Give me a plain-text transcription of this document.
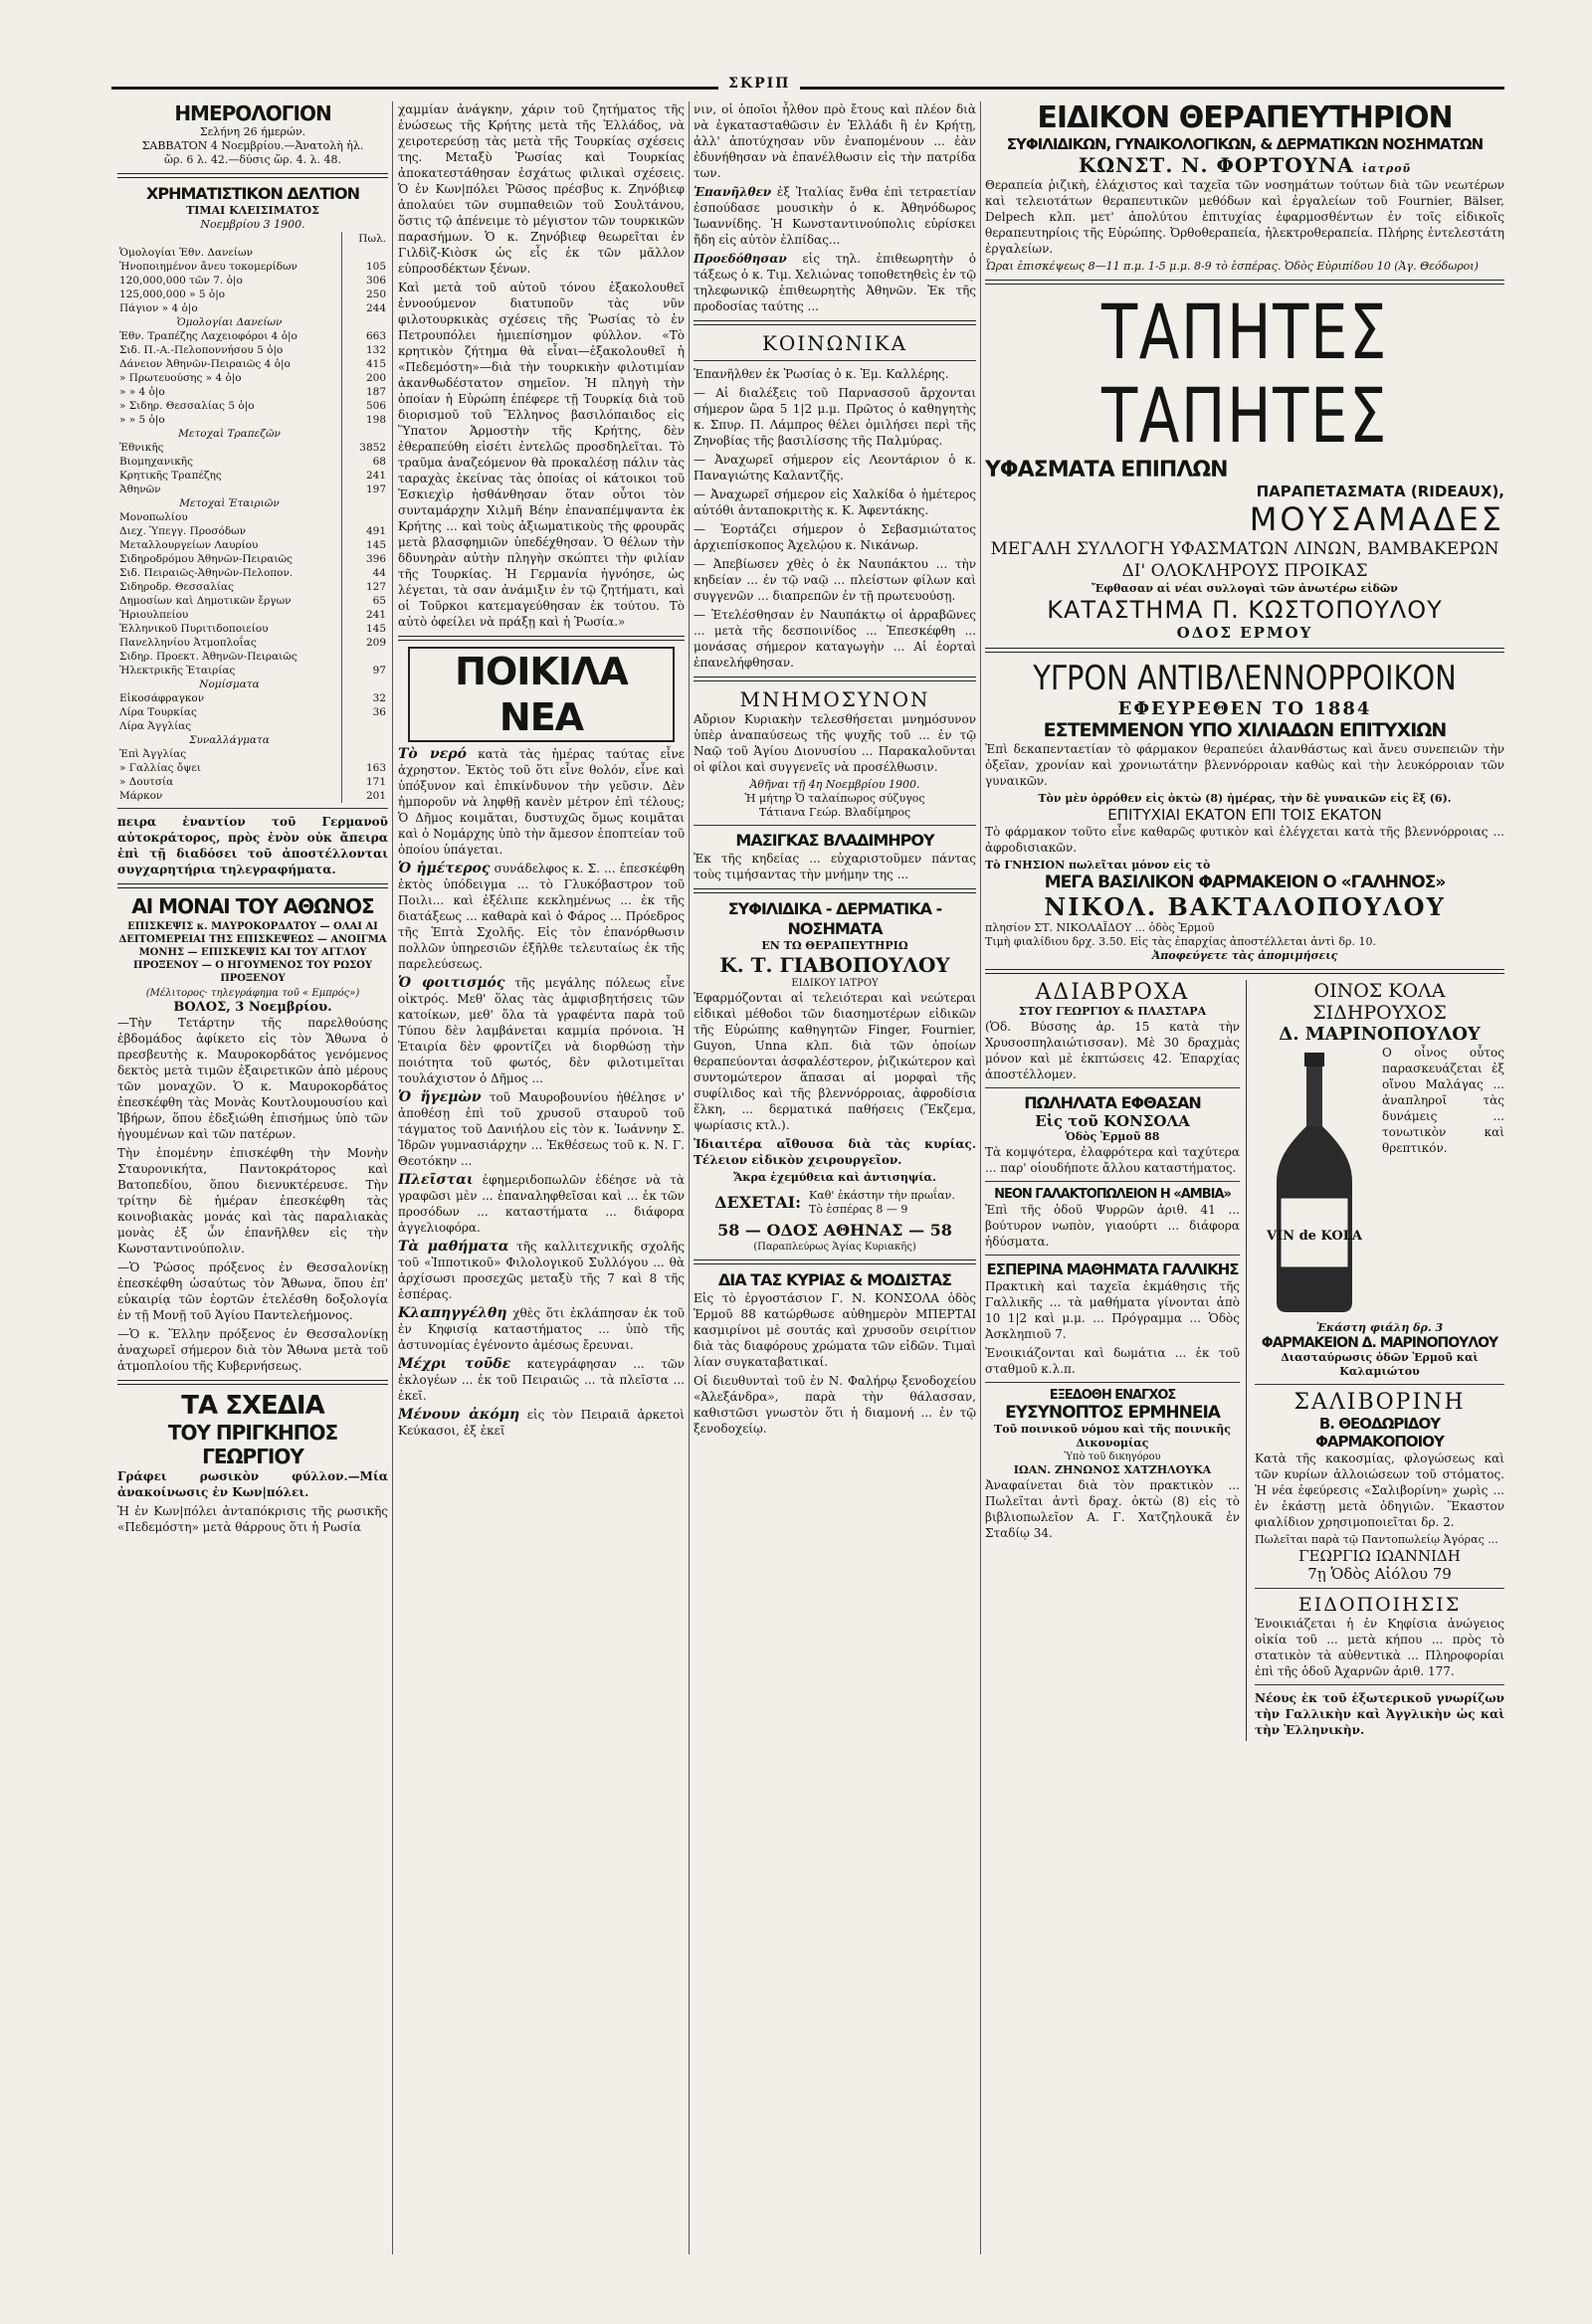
ΣΚΡΙΠ
ΗΜΕΡΟΛΟΓΙΟΝ
Σελήνη 26 ήμερών.
ΣΑΒΒΑΤΟΝ 4 Νοεμβρίου.—Ἀνατολὴ ἡλ.
ὥρ. 6 λ. 42.—δύσις ὥρ. 4. λ. 48.
ΧΡΗΜΑΤΙΣΤΙΚΟΝ ΔΕΛΤΙΟΝ
ΤΙΜΑΙ ΚΛΕΙΣΙΜΑΤΟΣ
Νοεμβρίου 3 1900.
	Πωλ.
Ὁμολογίαι Ἐθν. Δανείων	
Ἡνοποιημένον ἄνευ τοκομερίδων	105
120,000,000 τῶν 7. ὀ|ο	306
125,000,000 » 5 ὀ|ο	250
Πάγιον » 4 ὀ|ο	244
Ὁμολογίαι Δανείων	
Ἐθν. Τραπέζης Λαχειοφόροι 4 ὀ|ο	663
Σιδ. Π.-Α.-Πελοποννήσου 5 ὀ|ο	132
Δάνειον Ἀθηνῶν-Πειραιῶς 4 ὀ|ο	415
» Πρωτευούσης » 4 ὀ|ο	200
» » 4 ὀ|ο	187
» Σιδηρ. Θεσσαλίας 5 ὀ|ο	506
» » 5 ὀ|ο	198
Μετοχαὶ Τραπεζῶν	
Ἐθνικῆς	3852
Βιομηχανικῆς	68
Κρητικῆς Τραπέζης	241
Ἀθηνῶν	197
Μετοχαὶ Ἑταιριῶν	
Μονοπωλίου	
Διεχ. Ὑπεγγ. Προσόδων	491
Μεταλλουργείων Λαυρίου	145
Σιδηροδρόμου Ἀθηνῶν-Πειραιῶς	396
Σιδ. Πειραιῶς-Ἀθηνῶν-Πελοπον.	44
Σιδηροδρ. Θεσσαλίας	127
Δημοσίων καὶ Δημοτικῶν ἔργων	65
Ἠριουλπείου	241
Ἑλληνικοῦ Πυριτιδοποιείου	145
Πανελληνίου Ἀτμοπλοΐας	209
Σιδηρ. Προεκτ. Ἀθηνῶν-Πειραιῶς	
Ἠλεκτρικῆς Ἑταιρίας	97
Νομίσματα	
Εἰκοσάφραγκον	32
Λίρα Τουρκίας	36
Λίρα Ἀγγλίας	
Συναλλάγματα	
Ἐπὶ Ἀγγλίας	
» Γαλλίας ὄψει	163
» Δουτσία	171
Μάρκον	201

πειρα ἐναντίον τοῦ Γερμανοῦ αὐτοκράτορος, πρὸς ἐνὸν οὐκ ἄπειρα ἐπὶ τῇ διαδόσει τοῦ ἀποστέλλονται συγχαρητήρια τηλεγραφήματα.

ΑΙ ΜΟΝΑΙ ΤΟΥ ΑΘΩΝΟΣ

ΕΠΙΣΚΕΨΙΣ κ. ΜΑΥΡΟΚΟΡΔΑΤΟΥ — ΟΛΑΙ ΑΙ ΔΕΙΤΟΜΕΡΕΙΑΙ ΤΗΣ ΕΠΙΣΚΕΨΕΩΣ — ΑΝΟΙΓΜΑ ΜΟΝΗΣ — ΕΠΙΣΚΕΨΙΣ ΚΑΙ ΤΟΥ ΑΓΓΛΟΥ ΠΡΟΞΕΝΟΥ — Ο ΗΓΟΥΜΕΝΟΣ ΤΟΥ ΡΩΣΟΥ ΠΡΟΞΕΝΟΥ

(Μέλιτορος· τηλεγράφημα τοῦ « Εμπρός»)
ΒΟΛΟΣ, 3 Νοεμβρίου.

—Τὴν Τετάρτην τῆς παρελθούσης ἑβδομάδος ἀφίκετο εἰς τὸν Ἄθωνα ὁ πρεσβευτὴς κ. Μαυροκορδάτος γενόμενος δεκτὸς μετὰ τιμῶν ἐξαιρετικῶν ἀπὸ μέρους τῶν μοναχῶν. Ὁ κ. Μαυροκορδάτος ἐπεσκέφθη τὰς Μονὰς Κουτλουμουσίου καὶ Ἰβήρων, ὅπου ἐδεξιώθη ἐπισήμως ὑπὸ τῶν ἡγουμένων καὶ τῶν πατέρων.

Τὴν ἑπομένην ἐπισκέφθη τὴν Μονὴν Σταυρονικήτα, Παντοκράτορος καὶ Βατοπεδίου, ὅπου διενυκτέρευσε. Τὴν τρίτην δὲ ἡμέραν ἐπεσκέφθη τὰς κοινοβιακὰς μονάς καὶ τὰς παραλιακὰς μονὰς ἐξ ὧν ἐπανῆλθεν εἰς τὴν Κωνσταντινούπολιν.

—Ὁ Ῥώσος πρόξενος ἐν Θεσσαλονίκῃ ἐπεσκέφθη ὡσαύτως τὸν Ἄθωνα, ὅπου ἐπ' εὐκαιρίᾳ τῶν ἑορτῶν ἐτελέσθη δοξολογία ἐν τῇ Μονῇ τοῦ Ἁγίου Παντελεήμονος.

—Ὁ κ. Ἕλλην πρόξενος ἐν Θεσσαλονίκῃ ἀναχωρεῖ σήμερον διὰ τὸν Ἄθωνα μετὰ τοῦ ἀτμοπλοίου τῆς Κυβερνήσεως.

ΤΑ ΣΧΕΔΙΑ
ΤΟΥ ΠΡΙΓΚΗΠΟΣ ΓΕΩΡΓΙΟΥ

Γράφει ρωσικὸν φύλλον.—Μία ἀνακοίνωσις ἐν Κων|πόλει.

Ἡ ἐν Κων|πόλει ἀνταπόκρισις τῆς ρωσικῆς «Πεδεμόστη» μετὰ θάρρους ὅτι ἡ Ρωσία

χαμμίαν ἀνάγκην, χάριν τοῦ ζητήματος τῆς ἑνώσεως τῆς Κρήτης μετὰ τῆς Ἑλλάδος, νὰ χειροτερεύσῃ τὰς μετὰ τῆς Τουρκίας σχέσεις της. Μεταξὺ Ῥωσίας καὶ Τουρκίας ἀποκατεστάθησαν ἐσχάτως φιλικαὶ σχέσεις. Ὁ ἐν Κων|πόλει Ῥῶσος πρέσβυς κ. Ζηνόβιεφ ἀπολαύει τῶν συμπαθειῶν τοῦ Σουλτάνου, ὅστις τῷ ἀπένειμε τὸ μέγιστον τῶν τουρκικῶν παρασήμων. Ὁ κ. Ζηνόβιεφ θεωρεῖται ἐν Γιλδὶζ-Κιὸσκ ὡς εἷς ἐκ τῶν μᾶλλον εὐπροσδέκτων ξένων.

Καὶ μετὰ τοῦ αὐτοῦ τόνου ἐξακολουθεῖ ἐννοούμενον διατυποῦν τὰς νῦν φιλοτουρκικὰς σχέσεις τῆς Ῥωσίας τὸ ἐν Πετρουπόλει ἡμιεπίσημον φύλλον. «Τὸ κρητικὸν ζήτημα θὰ εἶναι—ἐξακολουθεῖ ἡ «Πεδεμόστη»—διὰ τὴν τουρκικὴν φιλοτιμίαν ἀκανθωδέστατον σημεῖον. Ἡ πληγὴ τὴν ὁποίαν ἡ Εὐρώπη ἐπέφερε τῇ Τουρκίᾳ διὰ τοῦ διορισμοῦ τοῦ Ἕλληνος βασιλόπαιδος εἰς Ὕπατον Ἁρμοστὴν τῆς Κρήτης, δὲν ἐθεραπεύθη εἰσέτι ἐντελῶς προσδηλεῖται. Τὸ τραῦμα ἀναζεόμενον θὰ προκαλέσῃ πάλιν τὰς ταραχὰς ἐκείνας τὰς ὁποίας οἱ κάτοικοι τοῦ Ἐσκιεχὶρ ἠσθάνθησαν ὅταν οὗτοι τὸν συνταμάρχην Χιλμῆ Βέην ἐπαναπέμψαντα ἐκ Κρήτης ... καὶ τοὺς ἀξιωματικοὺς τῆς φρουρᾶς μετὰ βλασφημιῶν ὑπεδέχθησαν. Ὁ θέλων τὴν δδυνηρὰν αὐτὴν πληγὴν σκώπτει τὴν φιλίαν τῆς Τουρκίας. Ἡ Γερμανία ἠγνόησε, ὡς λέγεται, τὰ σαν ἀνάμιξιν ἐν τῷ ζητήματι, καὶ οἱ Τοῦρκοι κατεμαγεύθησαν ἐκ τούτου. Τὸ αὐτὸ ὀφείλει νὰ πράξῃ καὶ ἡ Ῥωσία.»

ΠΟΙΚΙΛΑ ΝΕΑ

Τὸ νερό κατὰ τὰς ἡμέρας ταύτας εἶνε ἀχρηστον. Ἐκτὸς τοῦ ὅτι εἶνε θολόν, εἶνε καὶ ὑπόξυνον καὶ ἐπικίνδυνον τὴν γεῦσιν. Δὲν ἡμποροῦν νὰ ληφθῇ κανὲν μέτρον ἐπὶ τέλους; Ὁ Δῆμος κοιμᾶται, δυστυχῶς ὅμως κοιμᾶται καὶ ὁ Νομάρχης ὑπὸ τὴν ἄμεσον ἐποπτείαν τοῦ ὁποίου ὑπάγεται.

Ὁ ἡμέτερος συνάδελφος κ. Σ. ... ἐπεσκέφθη ἐκτὸς ὑπόδειγμα ... τὸ Γλυκόβαστρον τοῦ Ποιλι... καὶ ἐξέλιπε κεκλημένως ... ἐκ τῆς διατάξεως ... καθαρὰ καὶ ὁ Φάρος ... Πρόεδρος τῆς Ἑπτὰ Σχολῆς. Εἰς τὸν ἐπανόρθωσιν πολλῶν ὑπηρεσιῶν ἐξῆλθε τελευταίως ἐκ τῆς παρελεύσεως.

Ὁ φοιτισμός τῆς μεγάλης πόλεως εἶνε οἰκτρός. Μεθ' ὅλας τὰς ἀμφισβητήσεις τῶν κατοίκων, μεθ' ὅλα τὰ γραφέντα παρὰ τοῦ Τύπου δὲν λαμβάνεται καμμία πρόνοια. Ἡ Ἑταιρία δὲν φροντίζει νὰ διορθώσῃ τὴν ποιότητα τοῦ φωτός, δὲν φιλοτιμεῖται τουλάχιστον ὁ Δῆμος ...

Ὁ ἥγεμὼν τοῦ Μαυροβουνίου ἠθέλησε ν' ἀποθέσῃ ἐπὶ τοῦ χρυσοῦ σταυροῦ τοῦ τάγματος τοῦ Δανιήλου εἰς τὸν κ. Ἰωάννην Σ. Ἰδρῶν γυμνασιάρχην ... Ἐκθέσεως τοῦ κ. Ν. Γ. Θεοτόκην ...

Πλεῖσται ἐφημεριδοπωλῶν ἐδέησε νὰ τὰ γραφῶσι μὲν ... ἐπαναληφθεῖσαι καὶ ... ἐκ τῶν προσόδων ... καταστήματα ... διάφορα ἀγγελιοφόρα.

Τὰ μαθήματα τῆς καλλιτεχνικῆς σχολῆς τοῦ «Ἰπποτικοῦ» Φιλολογικοῦ Συλλόγου ... θὰ ἀρχίσωσι προσεχῶς μεταξὺ τῆς 7 καὶ 8 τῆς ἑσπέρας.

Κλαπηγγέλθη χθὲς ὅτι ἐκλάπησαν ἐκ τοῦ ἐν Κηφισίᾳ καταστήματος ... ὑπὸ τῆς ἀστυνομίας ἐγένοντο ἀμέσως ἔρευναι.

Μέχρι τοῦδε κατεγράφησαν ... τῶν ἐκλογέων ... ἐκ τοῦ Πειραιῶς ... τὰ πλεῖστα ... ἐκεῖ.

Μένουν ἀκόμη εἰς τὸν Πειραιᾶ ἀρκετοὶ Κεύκασοι, ἐξ ἐκεῖ

νιν, οἱ ὁποῖοι ἦλθον πρὸ ἔτους καὶ πλέον διὰ νὰ ἐγκατασταθῶσιν ἐν Ἑλλάδι ἢ ἐν Κρήτῃ, ἀλλ' ἀποτύχησαν νῦν ἐναπομένουν ... ἐὰν ἐδυνήθησαν νὰ ἐπανέλθωσιν εἰς τὴν πατρίδα των.

Ἐπανῆλθεν ἐξ Ἰταλίας ἔνθα ἐπὶ τετραετίαν ἐσπούδασε μουσικὴν ὁ κ. Ἀθηνόδωρος Ἰωαννίδης. Ἡ Κωνσταντινούπολις εὑρίσκει ἤδη εἰς αὐτὸν ἐλπίδας...

Προεδόθησαν εἰς τηλ. ἐπιθεωρητὴν ὁ τάξεως ὁ κ. Τιμ. Χελιώνας τοποθετηθεὶς ἐν τῷ τηλεφωνικῷ ἐπιθεωρητὴς Ἀθηνῶν. Ἐκ τῆς προδοσίας ταύτης ...

ΚΟΙΝΩΝΙΚΑ

Ἐπανῆλθεν ἐκ Ῥωσίας ὁ κ. Ἐμ. Καλλέρης.

— Αἱ διαλέξεις τοῦ Παρνασσοῦ ἄρχονται σήμερον ὥρα 5 1|2 μ.μ. Πρῶτος ὁ καθηγητὴς κ. Σπυρ. Π. Λάμπρος θέλει ὁμιλήσει περὶ τῆς Ζηνοβίας τῆς βασιλίσσης τῆς Παλμύρας.

— Ἀναχωρεῖ σήμερον εἰς Λεοντάριον ὁ κ. Παναγιώτης Καλαντζῆς.

— Ἀναχωρεῖ σήμερον εἰς Χαλκίδα ὁ ἡμέτερος αὐτόθι ἀνταποκριτὴς κ. Κ. Ἀφεντάκης.

— Ἑορτάζει σήμερον ὁ Σεβασμιώτατος ἀρχιεπίσκοπος Ἀχελῴου κ. Νικάνωρ.

— Ἀπεβίωσεν χθὲς ὁ ἐκ Ναυπάκτου ... τὴν κηδείαν ... ἐν τῷ ναῷ ... πλείστων φίλων καὶ συγγενῶν ... διαπρεπῶν ἐν τῇ πρωτευούσῃ.

— Ἐτελέσθησαν ἐν Ναυπάκτῳ οἱ ἀρραβῶνες ... μετὰ τῆς δεσποινίδος ... Ἐπεσκέφθη ... μονάσας σήμερον καταγωγὴν ... Αἱ ἑορταὶ ἐπανελήφθησαν.

ΜΝΗΜΟΣΥΝΟΝ

Αὔριον Κυριακὴν τελεσθήσεται μνημόσυνον ὑπὲρ ἀναπαύσεως τῆς ψυχῆς τοῦ ... ἐν τῷ Ναῷ τοῦ Ἁγίου Διονυσίου ... Παρακαλοῦνται οἱ φίλοι καὶ συγγενεῖς νὰ προσέλθωσιν.

Ἀθῆναι τῇ 4η Νοεμβρίου 1900.
Ἡ μήτηρ Ὁ ταλαίπωρος σύζυγος
Τάτιανα Γεώρ. Βλαδίμηρος
ΜΑΣΙΓΚΑΣ ΒΛΑΔΙΜΗΡΟΥ

Ἐκ τῆς κηδείας ... εὐχαριστοῦμεν πάντας τοὺς τιμήσαντας τὴν μνήμην της ...

ΣΥΦΙΛΙΔΙΚΑ - ΔΕΡΜΑΤΙΚΑ - ΝΟΣΗΜΑΤΑ
ΕΝ ΤΩ ΘΕΡΑΠΕΥΤΗΡΙΩ
Κ. Τ. ΓΙΑΒΟΠΟΥΛΟΥ
ΕΙΔΙΚΟΥ ΙΑΤΡΟΥ

Ἐφαρμόζονται αἱ τελειότεραι καὶ νεώτεραι εἰδικαὶ μέθοδοι τῶν διασημοτέρων εἰδικῶν τῆς Εὐρώπης καθηγητῶν Finger, Fournier, Guyon, Unna κλπ. διὰ τῶν ὁποίων θεραπεύονται ἀσφαλέστερον, ῥιζικώτερον καὶ συντομώτερον ἅπασαι αἱ μορφαὶ τῆς συφίλιδος καὶ τῆς βλεννόρροιας, ἀφροδίσια ἕλκη, ... δερματικά παθήσεις (Ἔκζεμα, ψωρίασις κτλ.).

Ἰδιαιτέρα αἴθουσα διὰ τὰς κυρίας. Τέλειον εἰδικὸν χειρουργεῖον.

Ἄκρα ἐχεμύθεια καὶ ἀντισηψία.
ΔΕΧΕΤΑΙ: Καθ' ἑκάστην τὴν πρωΐαν.
Τὸ ἑσπέρας 8 — 9
58 — ΟΔΟΣ ΑΘΗΝΑΣ — 58
(Παραπλεύρως Ἁγίας Κυριακῆς)
ΔΙΑ ΤΑΣ ΚΥΡΙΑΣ & ΜΟΔΙΣΤΑΣ

Εἰς τὸ ἐργοστάσιον Γ. Ν. ΚΟΝΣΟΛΑ ὁδὸς Ἑρμοῦ 88 κατώρθωσε αὐθημερὸν ΜΠΕΡΤΑΙ κασμιρίνοι μὲ σουτάς καὶ χρυσοῦν σειρίτιον διὰ τὰς διαφόρους χρώματα τῶν εἰδῶν. Τιμαὶ λίαν συγκαταβατικαί.

Οἱ διευθυνταὶ τοῦ ἐν Ν. Φαλήρῳ ξενοδοχείου «Ἀλεξάνδρα», παρὰ τὴν θάλασσαν, καθιστῶσι γνωστὸν ὅτι ἡ διαμονή ... ἐν τῷ ξενοδοχείῳ.

ΕΙΔΙΚΟΝ ΘΕΡΑΠΕΥΤΗΡΙΟΝ
ΣΥΦΙΛΙΔΙΚΩΝ, ΓΥΝΑΙΚΟΛΟΓΙΚΩΝ, & ΔΕΡΜΑΤΙΚΩΝ ΝΟΣΗΜΑΤΩΝ
ΚΩΝΣΤ. Ν. ΦΟΡΤΟΥΝΑ ἰατροῦ

Θεραπεία ῥιζικὴ, ἐλάχιστος καὶ ταχεῖα τῶν νοσημάτων τούτων διὰ τῶν νεωτέρων καὶ τελειοτάτων θεραπευτικῶν μεθόδων καὶ ἐργαλείων τοῦ Fournier, Bälser, Delpech κλπ. μετ' ἀπολύτου ἐπιτυχίας ἐφαρμοσθέντων ἐν τοῖς εἰδικοῖς θεραπευτηρίοις τῆς Εὐρώπης. Ὀρθοθεραπεία, ἠλεκτροθεραπεία. Πλήρης ἐντελεστάτη ἐργαλείων.

Ὧραι ἐπισκέψεως 8—11 π.μ. 1-5 μ.μ. 8-9 τὸ ἑσπέρας. Ὁδὸς Εὐριπίδου 10 (Ἀγ. Θεόδωροι)
ΤΑΠΗΤΕΣ ΤΑΠΗΤΕΣ
ΥΦΑΣΜΑΤΑ ΕΠΙΠΛΩΝ
ΠΑΡΑΠΕΤΑΣΜΑΤΑ (RIDEAUX),
ΜΟΥΣΑΜΑΔΕΣ
ΜΕΓΑΛΗ ΣΥΛΛΟΓΗ ΥΦΑΣΜΑΤΩΝ ΛΙΝΩΝ, ΒΑΜΒΑΚΕΡΩΝ ΔΙ' ΟΛΟΚΛΗΡΟΥΣ ΠΡΟΙΚΑΣ
Ἔφθασαν αἱ νέαι συλλογαὶ τῶν ἀνωτέρω εἰδῶν
ΚΑΤΑΣΤΗΜΑ Π. ΚΩΣΤΟΠΟΥΛΟΥ
ΟΔΟΣ ΕΡΜΟΥ
ΥΓΡΟΝ ΑΝΤΙΒΛΕΝΝΟΡΡΟΙΚΟΝ
ΕΦΕΥΡΕΘΕΝ ΤΟ 1884
ΕΣΤΕΜΜΕΝΟΝ ΥΠΟ ΧΙΛΙΑΔΩΝ ΕΠΙΤΥΧΙΩΝ

Ἐπὶ δεκαπενταετίαν τὸ φάρμακον θεραπεύει ἀλανθάστως καὶ ἄνευ συνεπειῶν τὴν ὀξεῖαν, χρονίαν καὶ χρονιωτάτην βλεννόρροιαν καθὼς καὶ τὴν λευκόρροιαν τῶν γυναικῶν.

Τὸν μὲν ὀρρόθεν εἰς ὀκτὼ (8) ἡμέρας, τὴν δὲ γυναικῶν εἰς ἓξ (6).
ΕΠΙΤΥΧΙΑΙ ΕΚΑΤΟΝ ΕΠΙ ΤΟΙΣ ΕΚΑΤΟΝ

Τὸ φάρμακον τοῦτο εἶνε καθαρῶς φυτικὸν καὶ ἐλέγχεται κατὰ τῆς βλεννόρροιας ... ἀφροδισιακῶν.

Τὸ ΓΝΗΣΙΟΝ πωλεῖται μόνον εἰς τὸ
ΜΕΓΑ ΒΑΣΙΛΙΚΟΝ ΦΑΡΜΑΚΕΙΟΝ Ο «ΓΑΛΗΝΟΣ»
ΝΙΚΟΛ. ΒΑΚΤΑΛΟΠΟΥΛΟΥ
πλησίον ΣΤ. ΝΙΚΟΛΑΪΔΟΥ ... ὁδὸς Ἑρμοῦ
Τιμὴ φιαλίδιου δρχ. 3.50. Εἰς τὰς ἐπαρχίας ἀποστέλλεται ἀντὶ δρ. 10.
Ἀποφεύγετε τὰς ἀπομιμήσεις
ΑΔΙΑΒΡΟΧΑ
ΣΤΟΥ ΓΕΩΡΓΙΟΥ & ΠΛΑΣΤΑΡΑ

(Ὁδ. Βύσσης ἀρ. 15 κατὰ τὴν Χρυσοσπηλαιώτισσαν). Μὲ 30 δραχμὰς μόνον καὶ μὲ ἐκπτώσεις 42. Ἐπαρχίας ἀποστέλλομεν.

ΠΩΛΗΛΑΤΑ ΕΦΘΑΣΑΝ
Εἰς τοῦ ΚΟΝΣΟΛΑ
Ὁδὸς Ἑρμοῦ 88

Τὰ κομψότερα, ἐλαφρότερα καὶ ταχύτερα ... παρ' οἱουδήποτε ἄλλου καταστήματος.

ΝΕΟΝ ΓΑΛΑΚΤΟΠΩΛΕΙΟΝ Η «ΑΜΒΙΑ»

Ἐπὶ τῆς ὁδοῦ Ψυρρῶν ἀριθ. 41 ... βούτυρον νωπὸν, γιαούρτι ... διάφορα ἡδύσματα.

ΕΣΠΕΡΙΝΑ ΜΑΘΗΜΑΤΑ ΓΑΛΛΙΚΗΣ

Πρακτικὴ καὶ ταχεῖα ἐκμάθησις τῆς Γαλλικῆς ... τὰ μαθήματα γίνονται ἀπὸ 10 1|2 καὶ μ.μ. ... Πρόγραμμα ... Ὁδὸς Ἀσκληπιοῦ 7.

Ἐνοικιάζονται καὶ δωμάτια ... ἐκ τοῦ σταθμοῦ κ.λ.π.

ΕΞΕΔΟΘΗ ΕΝΑΓΧΟΣ
ΕΥΣΥΝΟΠΤΟΣ ΕΡΜΗΝΕΙΑ
Τοῦ ποινικοῦ νόμου καὶ τῆς ποινικῆς Δικονομίας
Ὑπὸ τοῦ δικηγόρου
ΙΩΑΝ. ΖΗΝΩΝΟΣ ΧΑΤΖΗΛΟΥΚΑ

Ἀναφαίνεται διὰ τὸν πρακτικὸν ... Πωλεῖται ἀντὶ δραχ. ὀκτὼ (8) εἰς τὸ βιβλιοπωλεῖον Α. Γ. Χατζηλουκᾶ ἐν Σταδίῳ 34.

ΟΙΝΟΣ ΚΟΛΑ ΣΙΔΗΡΟΥΧΟΣ
Δ. ΜΑΡΙΝΟΠΟΥΛΟΥ
VIN de KOLA

Ο οἶνος οὗτος παρασκευάζεται ἐξ οἴνου Μαλάγας ... ἀναπληροῖ τὰς δυνάμεις ... τονωτικὸν καὶ θρεπτικόν.

Ἑκάστη φιάλη δρ. 3
ΦΑΡΜΑΚΕΙΟΝ Δ. ΜΑΡΙΝΟΠΟΥΛΟΥ
Διασταύρωσις ὁδῶν Ἑρμοῦ καὶ Καλαμιώτου
ΣΑΛΙΒΟΡΙΝΗ
Β. ΘΕΟΔΩΡΙΔΟΥ ΦΑΡΜΑΚΟΠΟΙΟΥ

Κατὰ τῆς κακοσμίας, φλογώσεως καὶ τῶν κυρίων ἀλλοιώσεων τοῦ στόματος. Ἡ νέα ἐφεύρεσις «Σαλιβορίνη» χωρὶς ... ἐν ἑκάστῃ μετὰ ὀδηγιῶν. Ἕκαστον φιαλίδιον χρησιμοποιεῖται δρ. 2.

Πωλεῖται παρὰ τῷ Παντοπωλείῳ Ἀγόρας ...
ΓΕΩΡΓΙΩ ΙΩΑΝΝΙΔΗ
7ῃ Ὁδὸς Αἰόλου 79
ΕΙΔΟΠΟΙΗΣΙΣ

Ἐνοικιάζεται ἡ ἐν Κηφίσια ἀνώγειος οἰκία τοῦ ... μετὰ κήπου ... πρὸς τὸ στατικὸν τὰ αὐθεντικὰ ... Πληροφορίαι ἐπὶ τῆς ὁδοῦ Ἀχαρνῶν ἀριθ. 177.

Νέους ἐκ τοῦ ἐξωτερικοῦ γνωρίζων τὴν Γαλλικὴν καὶ Ἀγγλικὴν ὡς καὶ τὴν Ἑλληνικὴν.
